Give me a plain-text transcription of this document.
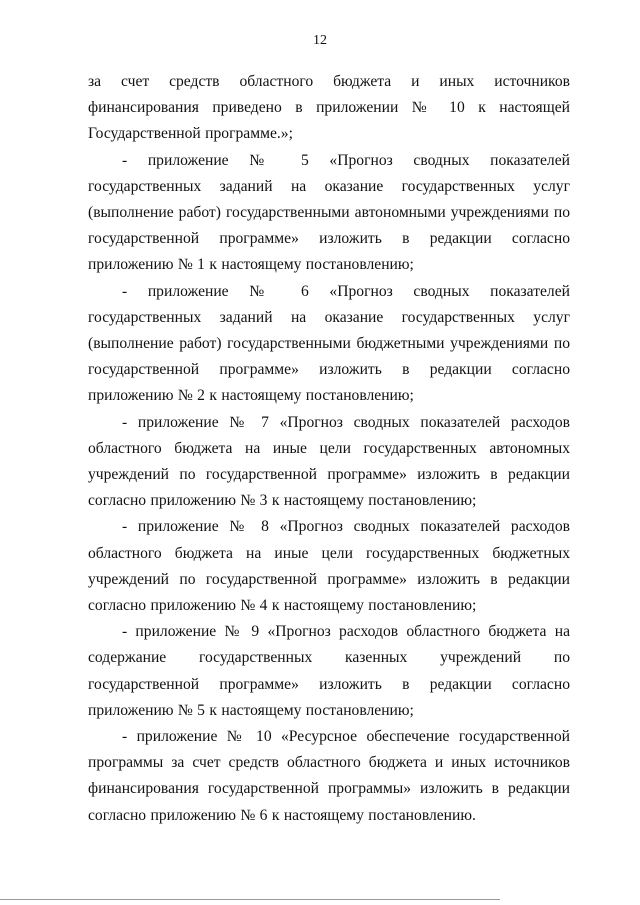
12

за счет средств областного бюджета и иных источников финансирования приведено в приложении № 10 к настоящей Государственной программе.»;

- приложение № 5 «Прогноз сводных показателей государственных заданий на оказание государственных услуг (выполнение работ) государственными автономными учреждениями по государственной программе» изложить в редакции согласно приложению № 1 к настоящему постановлению;

- приложение № 6 «Прогноз сводных показателей государственных заданий на оказание государственных услуг (выполнение работ) государственными бюджетными учреждениями по государственной программе» изложить в редакции согласно приложению № 2 к настоящему постановлению;

- приложение № 7 «Прогноз сводных показателей расходов областного бюджета на иные цели государственных автономных учреждений по государственной программе» изложить в редакции согласно приложению № 3 к настоящему постановлению;

- приложение № 8 «Прогноз сводных показателей расходов областного бюджета на иные цели государственных бюджетных учреждений по государственной программе» изложить в редакции согласно приложению № 4 к настоящему постановлению;

- приложение № 9 «Прогноз расходов областного бюджета на содержание государственных казенных учреждений по государственной программе» изложить в редакции согласно приложению № 5 к настоящему постановлению;

- приложение № 10 «Ресурсное обеспечение государственной программы за счет средств областного бюджета и иных источников финансирования государственной программы» изложить в редакции согласно приложению № 6 к настоящему постановлению.
